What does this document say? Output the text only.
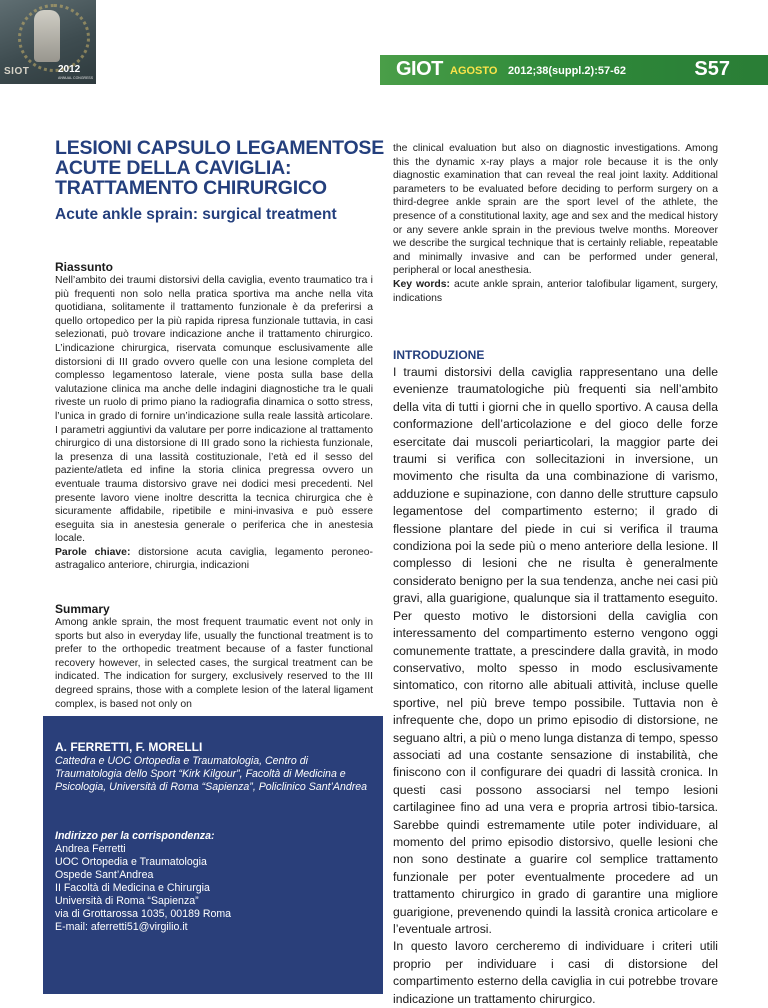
SIOT	2012
ANNUAL CONGRESS	GIOT AGOSTO 2012;38(suppl.2):57-62	S57
LESIONI CAPSULO LEGAMENTOSE
ACUTE DELLA CAVIGLIA:
TRATTAMENTO CHIRURGICO
Acute ankle sprain: surgical treatment
Riassunto

Nell’ambito dei traumi distorsivi della caviglia, evento traumatico tra i più frequenti non solo nella pratica sportiva ma anche nella vita quotidiana, solitamente il trattamento funzionale è da preferirsi a quello ortopedico per la più rapida ripresa funzionale tuttavia, in casi selezionati, può trovare indicazione anche il trattamento chirurgico. L’indicazione chirurgica, riservata comunque esclusivamente alle distorsioni di III grado ovvero quelle con una lesione completa del complesso legamentoso laterale, viene posta sulla base della valutazione clinica ma anche delle indagini diagnostiche tra le quali riveste un ruolo di primo piano la radiografia dinamica o sotto stress, l’unica in grado di fornire un’indicazione sulla reale lassità articolare. I parametri aggiuntivi da valutare per porre indicazione al trattamento chirurgico di una distorsione di III grado sono la richiesta funzionale, la presenza di una lassità costituzionale, l’età ed il sesso del paziente/atleta ed infine la storia clinica pregressa ovvero un eventuale trauma distorsivo grave nei dodici mesi precedenti. Nel presente lavoro viene inoltre descritta la tecnica chirurgica che è sicuramente affidabile, ripetibile e mini-invasiva e può essere eseguita sia in anestesia generale o periferica che in anestesia locale.

Parole chiave: distorsione acuta caviglia, legamento peroneo-astragalico anteriore, chirurgia, indicazioni

Summary

Among ankle sprain, the most frequent traumatic event not only in sports but also in everyday life, usually the functional treatment is to prefer to the orthopedic treatment because of a faster functional recovery however, in selected cases, the surgical treatment can be indicated. The indication for surgery, exclusively reserved to the III degreed sprains, those with a complete lesion of the lateral ligament complex, is based not only on

A. FERRETTI, F. MORELLI
Cattedra e UOC Ortopedia e Traumatologia, Centro di Traumatologia dello Sport “Kirk Kilgour”, Facoltà di Medicina e Psicologia, Università di Roma “Sapienza”, Policlinico Sant’Andrea
Indirizzo per la corrispondenza:
Andrea Ferretti
UOC Ortopedia e Traumatologia
Ospede Sant’Andrea
II Facoltà di Medicina e Chirurgia
Università di Roma “Sapienza”
via di Grottarossa 1035, 00189 Roma
E-mail: aferretti51@virgilio.it

the clinical evaluation but also on diagnostic investigations. Among this the dynamic x-ray plays a major role because it is the only diagnostic examination that can reveal the real joint laxity. Additional parameters to be evaluated before deciding to perform surgery on a third-degree ankle sprain are the sport level of the athlete, the presence of a constitutional laxity, age and sex and the medical history or any severe ankle sprain in the previous twelve months. Moreover we describe the surgical technique that is certainly reliable, repeatable and minimally invasive and can be performed under general, peripheral or local anesthesia.

Key words: acute ankle sprain, anterior talofibular ligament, surgery, indications

INTRODUZIONE

I traumi distorsivi della caviglia rappresentano una delle evenienze traumatologiche più frequenti sia nell’ambito della vita di tutti i giorni che in quello sportivo. A causa della conformazione dell’articolazione e del gioco delle forze esercitate dai muscoli periarticolari, la maggior parte dei traumi si verifica con sollecitazioni in inversione, un movimento che risulta da una combinazione di varismo, adduzione e supinazione, con danno delle strutture capsulo legamentose del compartimento esterno; il grado di flessione plantare del piede in cui si verifica il trauma condiziona poi la sede più o meno anteriore della lesione. Il complesso di lesioni che ne risulta è generalmente considerato benigno per la sua tendenza, anche nei casi più gravi, alla guarigione, qualunque sia il trattamento eseguito. Per questo motivo le distorsioni della caviglia con interessamento del compartimento esterno vengono oggi comunemente trattate, a prescindere dalla gravità, in modo conservativo, molto spesso in modo esclusivamente sintomatico, con ritorno alle abituali attività, incluse quelle sportive, nel più breve tempo possibile. Tuttavia non è infrequente che, dopo un primo episodio di distorsione, ne seguano altri, a più o meno lunga distanza di tempo, spesso associati ad una costante sensazione di instabilità, che finiscono con il configurare dei quadri di lassità cronica. In questi casi possono associarsi nel tempo lesioni cartilaginee fino ad una vera e propria artrosi tibio-tarsica. Sarebbe quindi estremamente utile poter individuare, al momento del primo episodio distorsivo, quelle lesioni che non sono destinate a guarire col semplice trattamento funzionale per poter eventualmente procedere ad un trattamento chirurgico in grado di garantire una migliore guarigione, prevenendo quindi la lassità cronica articolare e l’eventuale artrosi.

In questo lavoro cercheremo di individuare i criteri utili proprio per individuare i casi di distorsione del compartimento esterno della caviglia in cui potrebbe trovare indicazione un trattamento chirurgico.
